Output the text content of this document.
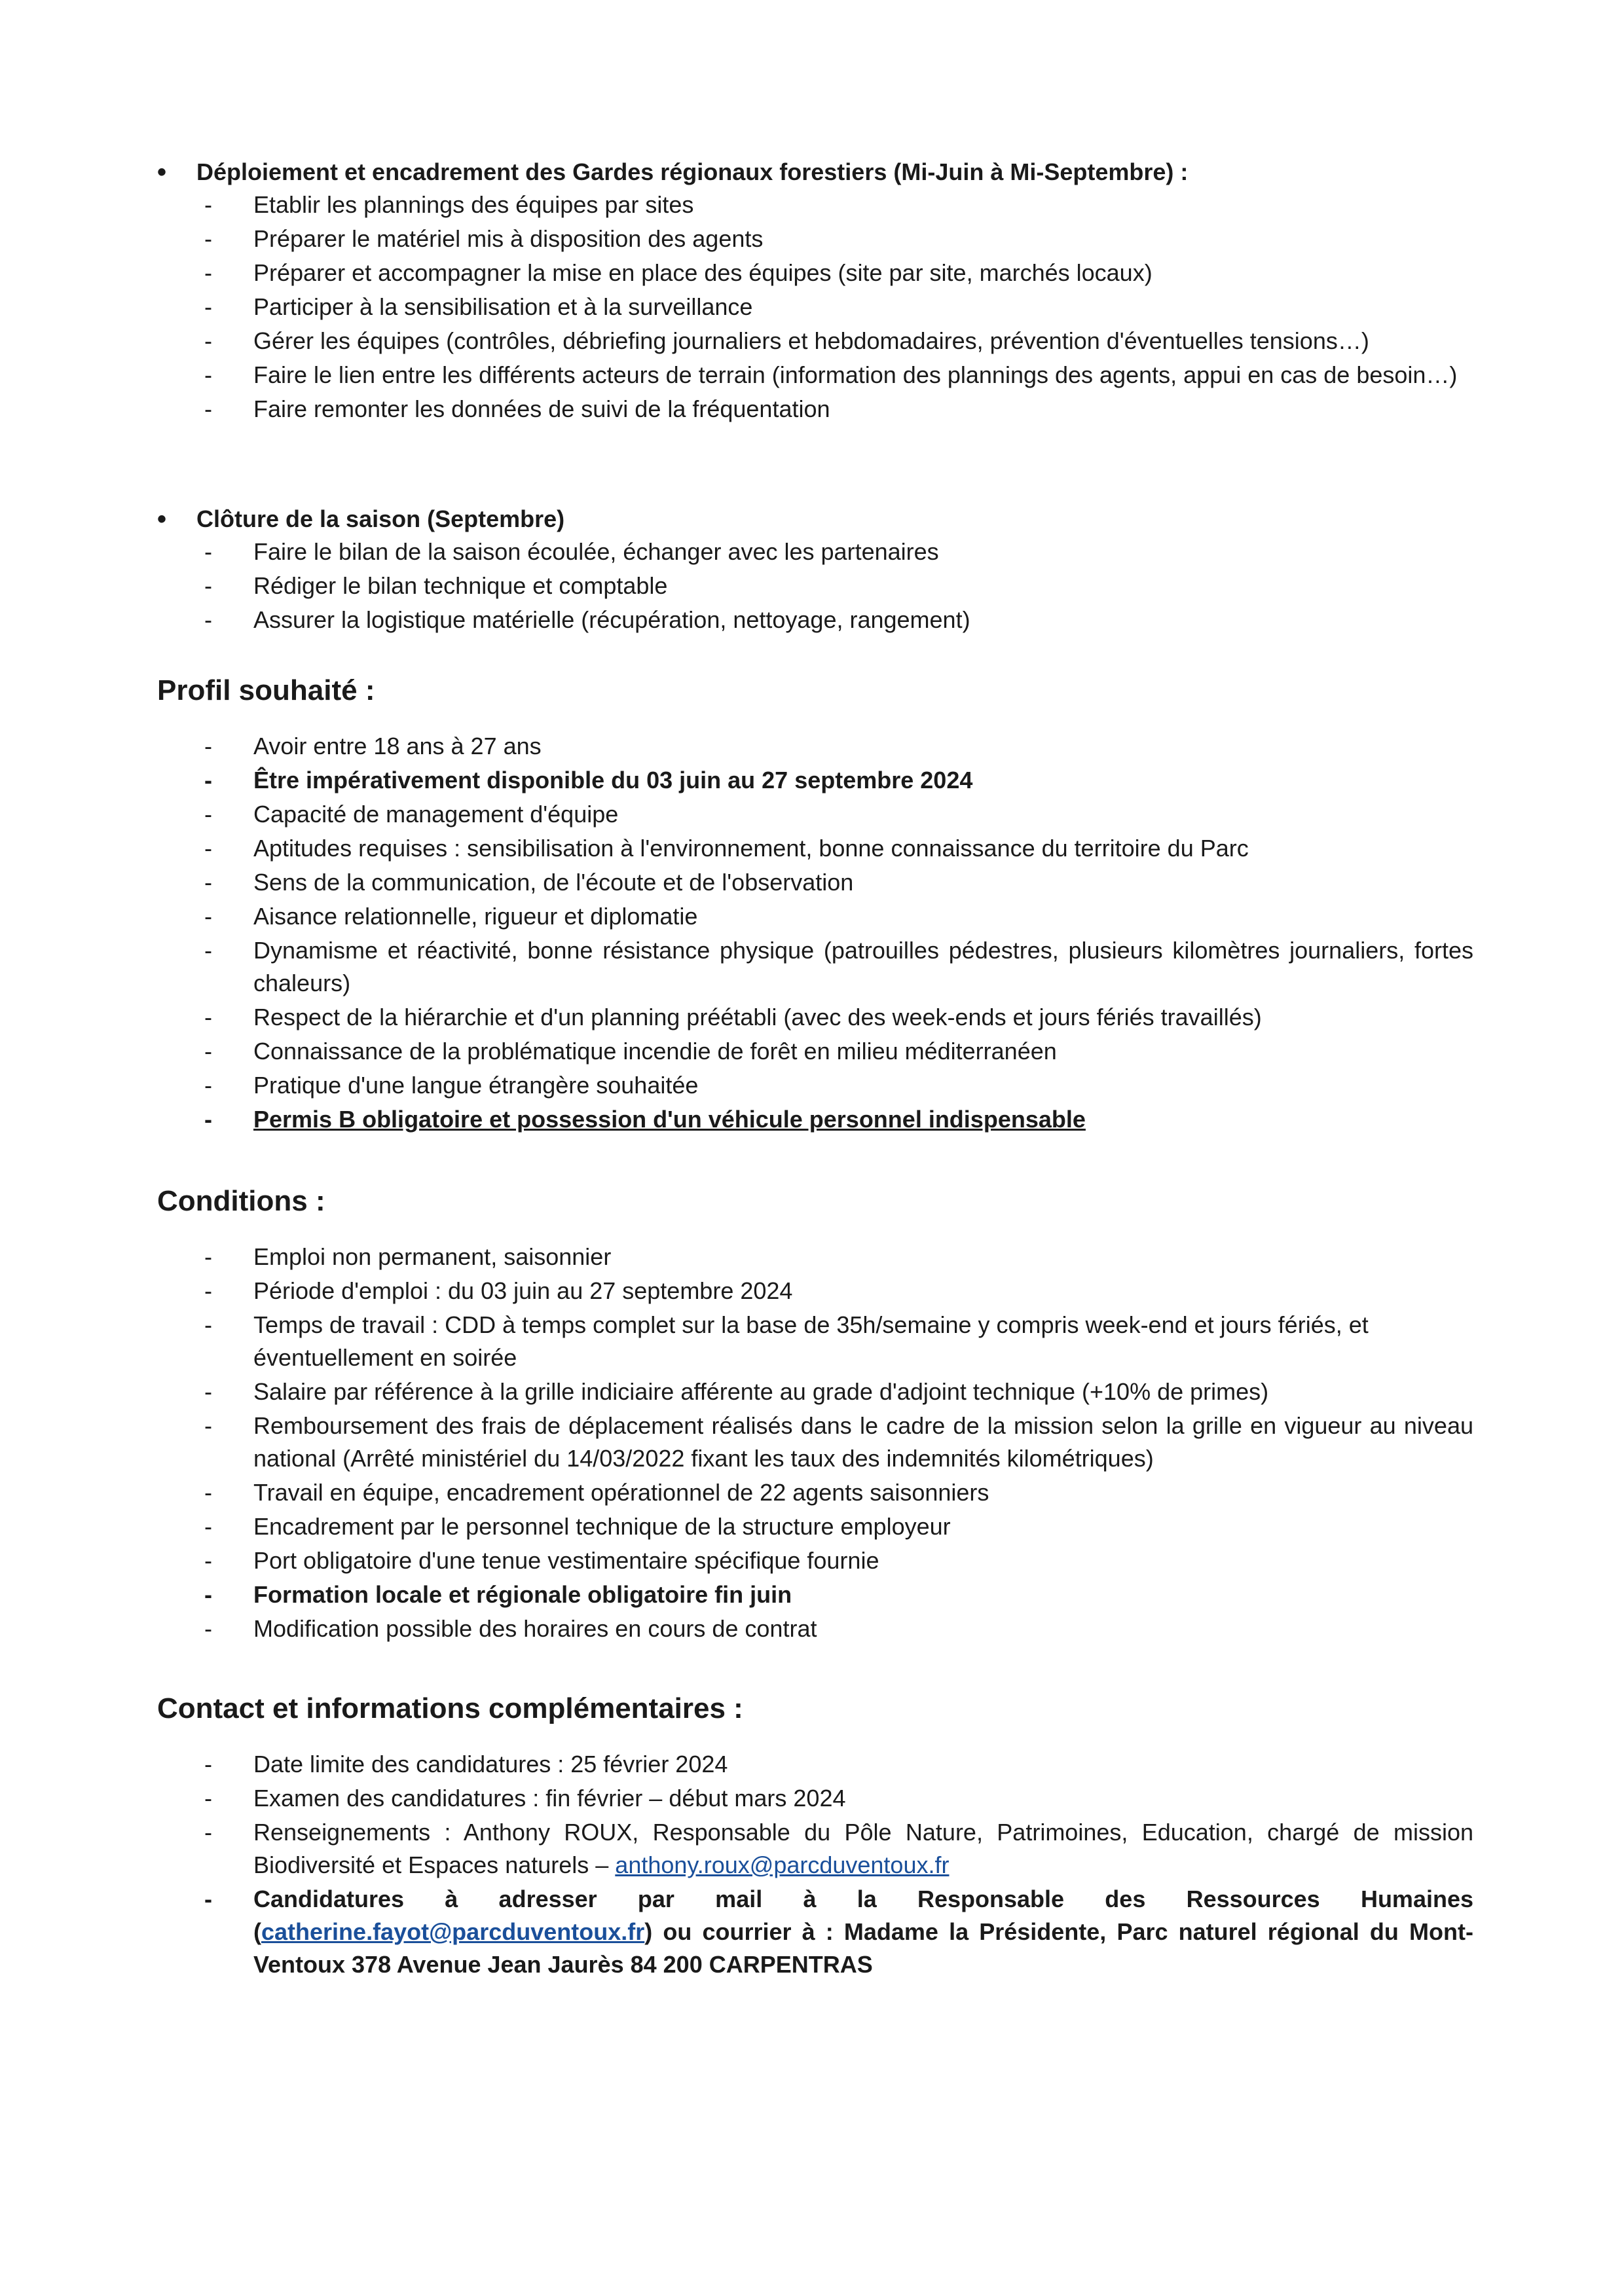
• Déploiement et encadrement des Gardes régionaux forestiers (Mi-Juin à Mi-Septembre) :
- Etablir les plannings des équipes par sites
- Préparer le matériel mis à disposition des agents
- Préparer et accompagner la mise en place des équipes (site par site, marchés locaux)
- Participer à la sensibilisation et à la surveillance
- Gérer les équipes (contrôles, débriefing journaliers et hebdomadaires, prévention d'éventuelles tensions…)
- Faire le lien entre les différents acteurs de terrain (information des plannings des agents, appui en cas de besoin…)
- Faire remonter les données de suivi de la fréquentation
• Clôture de la saison (Septembre)
- Faire le bilan de la saison écoulée, échanger avec les partenaires
- Rédiger le bilan technique et comptable
- Assurer la logistique matérielle (récupération, nettoyage, rangement)
Profil souhaité :
- Avoir entre 18 ans à 27 ans
- Être impérativement disponible du 03 juin au 27 septembre 2024
- Capacité de management d'équipe
- Aptitudes requises : sensibilisation à l'environnement, bonne connaissance du territoire du Parc
- Sens de la communication, de l'écoute et de l'observation
- Aisance relationnelle, rigueur et diplomatie
- Dynamisme et réactivité, bonne résistance physique (patrouilles pédestres, plusieurs kilomètres journaliers, fortes chaleurs)
- Respect de la hiérarchie et d'un planning préétabli (avec des week-ends et jours fériés travaillés)
- Connaissance de la problématique incendie de forêt en milieu méditerranéen
- Pratique d'une langue étrangère souhaitée
- Permis B obligatoire et possession d'un véhicule personnel indispensable
Conditions :
- Emploi non permanent, saisonnier
- Période d'emploi : du 03 juin au 27 septembre 2024
- Temps de travail : CDD à temps complet sur la base de 35h/semaine y compris week-end et jours fériés, et éventuellement en soirée
- Salaire par référence à la grille indiciaire afférente au grade d'adjoint technique (+10% de primes)
- Remboursement des frais de déplacement réalisés dans le cadre de la mission selon la grille en vigueur au niveau national (Arrêté ministériel du 14/03/2022 fixant les taux des indemnités kilométriques)
- Travail en équipe, encadrement opérationnel de 22 agents saisonniers
- Encadrement par le personnel technique de la structure employeur
- Port obligatoire d'une tenue vestimentaire spécifique fournie
- Formation locale et régionale obligatoire fin juin
- Modification possible des horaires en cours de contrat
Contact et informations complémentaires :
- Date limite des candidatures : 25 février 2024
- Examen des candidatures : fin février – début mars 2024
- Renseignements : Anthony ROUX, Responsable du Pôle Nature, Patrimoines, Education, chargé de mission Biodiversité et Espaces naturels – anthony.roux@parcduventoux.fr
- Candidatures à adresser par mail à la Responsable des Ressources Humaines (catherine.fayot@parcduventoux.fr) ou courrier à : Madame la Présidente, Parc naturel régional du Mont-Ventoux 378 Avenue Jean Jaurès 84 200 CARPENTRAS
